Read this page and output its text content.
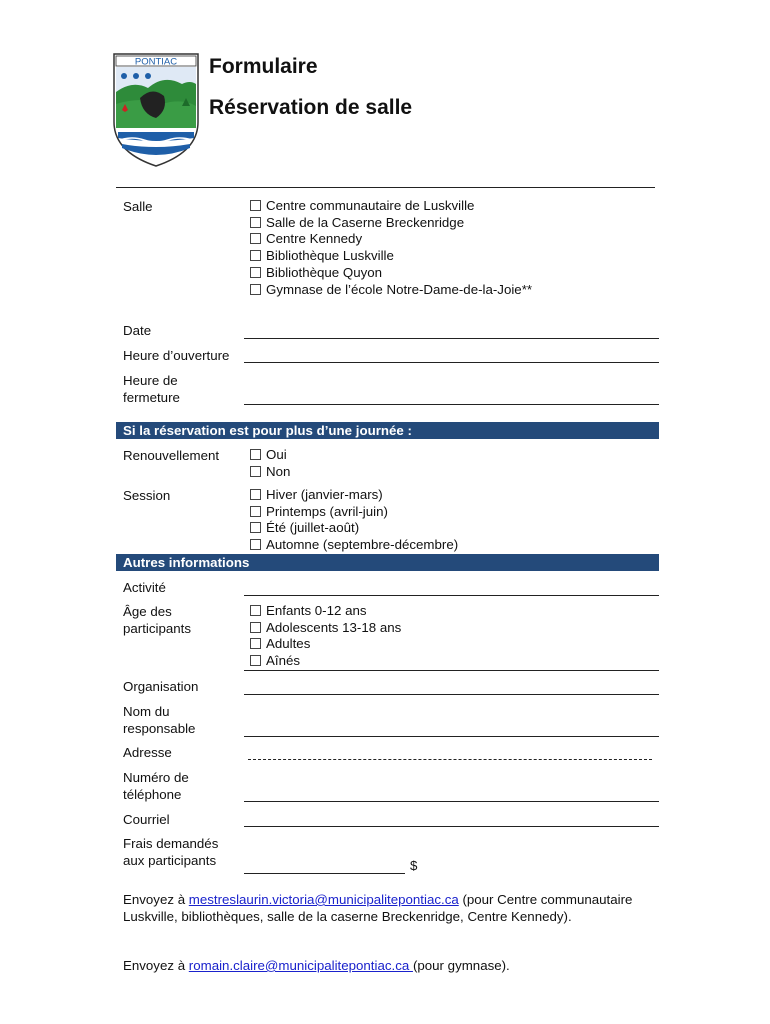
PONTIAC Formulaire
Réservation de salle
Salle	Centre communautaire de Luskville
Salle de la Caserne Breckenridge
Centre Kennedy
Bibliothèque Luskville
Bibliothèque Quyon
Gymnase de l’école Notre-Dame-de-la-Joie**
Date
Heure d’ouverture
Heure de
fermeture
Si la réservation est pour plus d’une journée :
Renouvellement	Oui
Non
Session	Hiver (janvier-mars)
Printemps (avril-juin)
Été (juillet-août)
Automne (septembre-décembre)
Autres informations
Activité
Âge des
participants
Enfants 0-12 ans
Adolescents 13-18 ans
Adultes
Aînés
Organisation
Nom du
responsable
Adresse
Numéro de
téléphone
Courriel
Frais demandés
aux participants	$
Envoyez à mestreslaurin.victoria@municipalitepontiac.ca (pour Centre communautaire Luskville, bibliothèques, salle de la caserne Breckenridge, Centre Kennedy).
Envoyez à romain.claire@municipalitepontiac.ca (pour gymnase).
